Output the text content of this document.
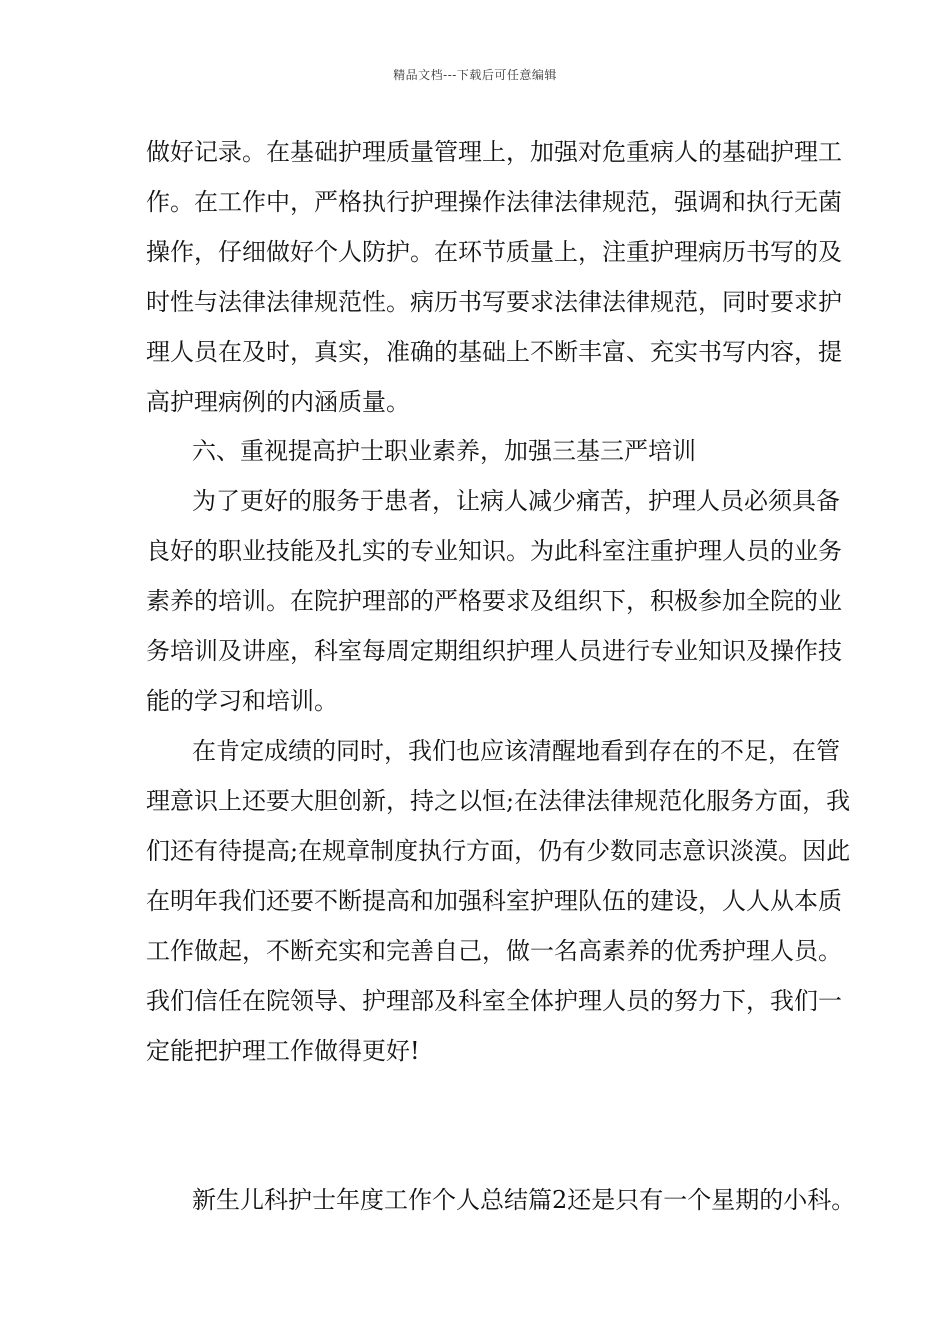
精品文档---下载后可任意编辑
做好记录。在基础护理质量管理上，加强对危重病人的基础护理工
作。在工作中，严格执行护理操作法律法律规范，强调和执行无菌
操作，仔细做好个人防护。在环节质量上，注重护理病历书写的及
时性与法律法律规范性。病历书写要求法律法律规范，同时要求护
理人员在及时，真实，准确的基础上不断丰富、充实书写内容，提
高护理病例的内涵质量。
六、重视提高护士职业素养，加强三基三严培训
为了更好的服务于患者，让病人减少痛苦，护理人员必须具备
良好的职业技能及扎实的专业知识。为此科室注重护理人员的业务
素养的培训。在院护理部的严格要求及组织下，积极参加全院的业
务培训及讲座，科室每周定期组织护理人员进行专业知识及操作技
能的学习和培训。
在肯定成绩的同时，我们也应该清醒地看到存在的不足，在管
理意识上还要大胆创新，持之以恒;在法律法律规范化服务方面，我
们还有待提高;在规章制度执行方面，仍有少数同志意识淡漠。因此
在明年我们还要不断提高和加强科室护理队伍的建设，人人从本质
工作做起，不断充实和完善自己，做一名高素养的优秀护理人员。
我们信任在院领导、护理部及科室全体护理人员的努力下，我们一
定能把护理工作做得更好!
新生儿科护士年度工作个人总结篇2还是只有一个星期的小科。
